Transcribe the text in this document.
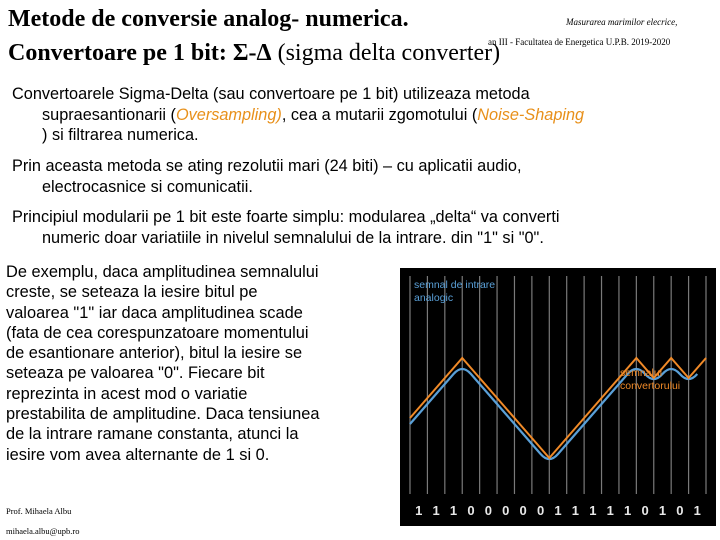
Metode de conversie analog- numerica.
Convertoare pe 1 bit: Σ-Δ (sigma delta converter)
Masurarea marimilor elecrice,
an III - Facultatea de Energetica U.P.B. 2019-2020
Convertoarele Sigma-Delta (sau convertoare pe 1 bit) utilizeaza metoda
supraesantionarii (Oversampling), cea a mutarii zgomotului (Noise-Shaping
) si filtrarea numerica.
Prin aceasta metoda se ating rezolutii mari (24 biti) – cu aplicatii audio,
electrocasnice si comunicatii.
Principiul modularii pe 1 bit este foarte simplu: modularea „delta“ va converti
numeric doar variatiile in nivelul semnalului de la intrare. din "1" si "0".
De exemplu, daca amplitudinea semnalului
creste, se seteaza la iesire bitul pe
valoarea "1" iar daca amplitudinea scade
(fata de cea corespunzatoare momentului
de esantionare anterior), bitul la iesire se
seteaza pe valoarea "0". Fiecare bit
reprezinta in acest mod o variatie
prestabilita de amplitudine. Daca tensiunea
de la intrare ramane constanta, atunci la
iesire vom avea alternante de 1 si 0.
Prof. Mihaela Albu
mihaela.albu@upb.ro
semnal de intrare
analogic
semnalul
convertorului
1 1 1 0 0 0 0 0 1 1 1 1 1 0 1 0 1
